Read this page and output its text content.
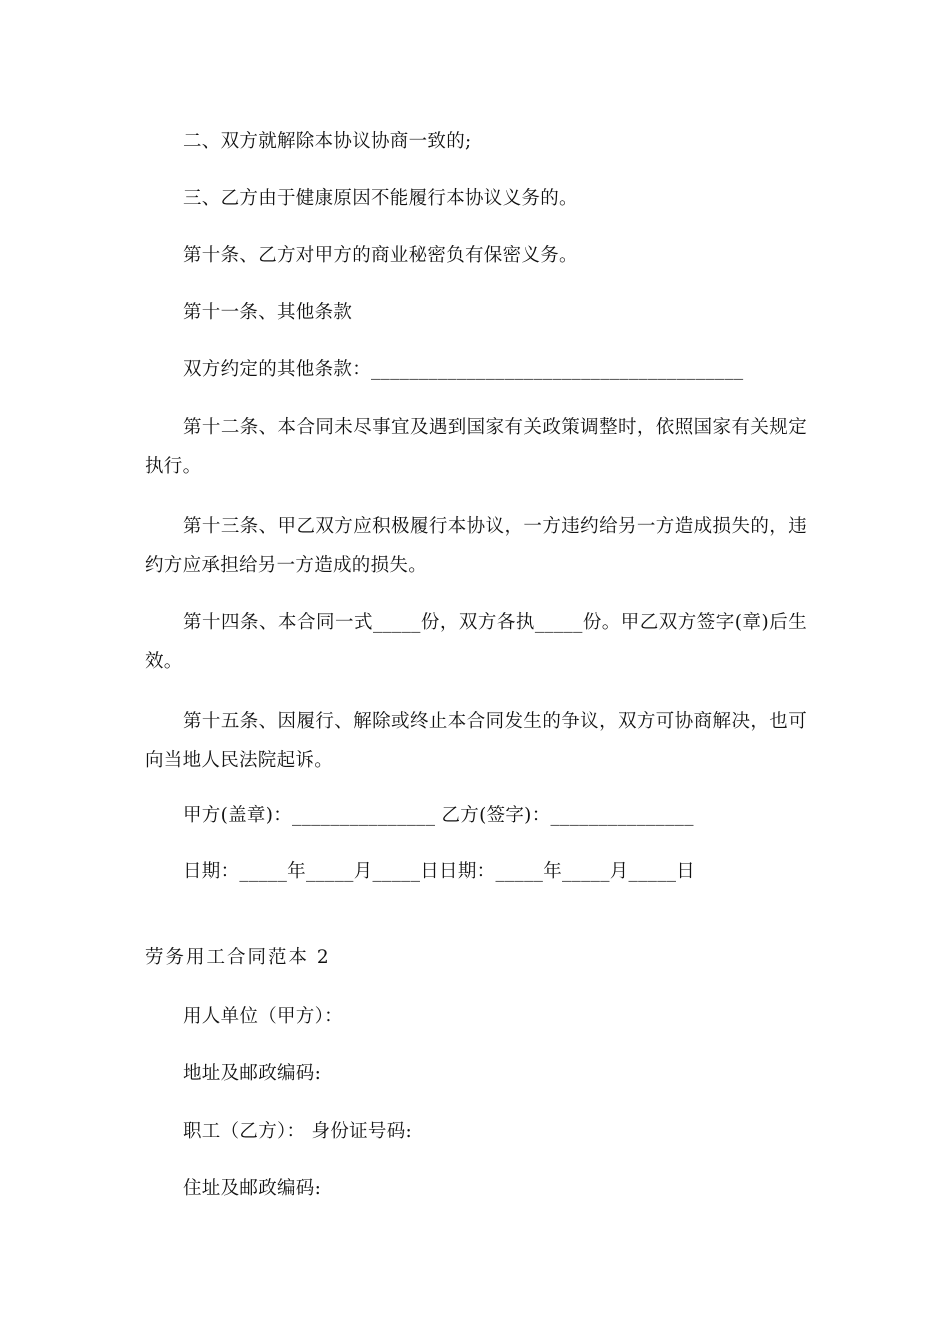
二、双方就解除本协议协商一致的;
三、乙方由于健康原因不能履行本协议义务的。
第十条、乙方对甲方的商业秘密负有保密义务。
第十一条、其他条款
双方约定的其他条款：_______________________________________
第十二条、本合同未尽事宜及遇到国家有关政策调整时，依照国家有关规定执行。
第十三条、甲乙双方应积极履行本协议，一方违约给另一方造成损失的，违约方应承担给另一方造成的损失。
第十四条、本合同一式_____份，双方各执_____份。甲乙双方签字(章)后生效。
第十五条、因履行、解除或终止本合同发生的争议，双方可协商解决，也可向当地人民法院起诉。
甲方(盖章)：_______________ 乙方(签字)：_______________
日期：_____年_____月_____日日期：_____年_____月_____日
劳务用工合同范本 2
用人单位（甲方）：
地址及邮政编码:
职工（乙方）： 身份证号码:
住址及邮政编码:
